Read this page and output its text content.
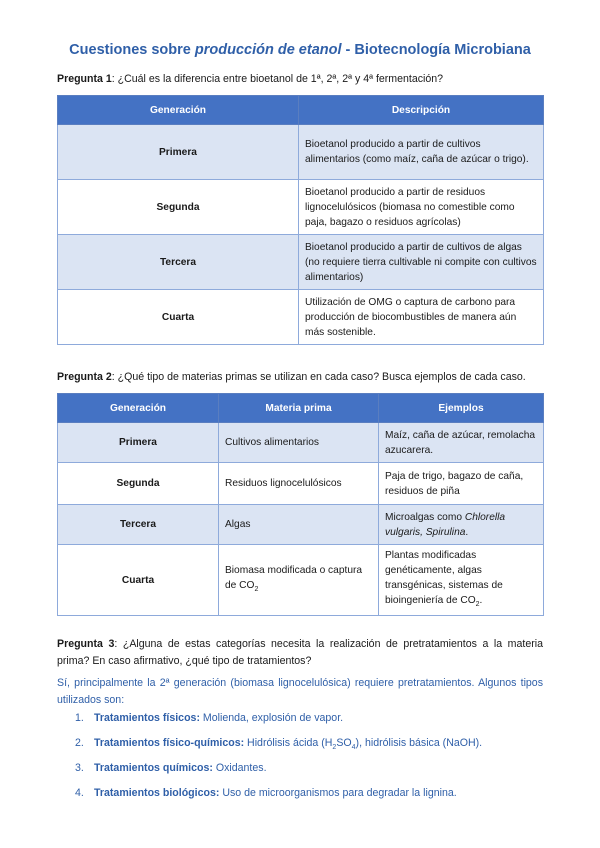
Cuestiones sobre producción de etanol - Biotecnología Microbiana
Pregunta 1: ¿Cuál es la diferencia entre bioetanol de 1ª, 2ª, 2ª y 4ª fermentación?
Generación	Descripción
Primera	Bioetanol producido a partir de cultivos alimentarios (como maíz, caña de azúcar o trigo).
Segunda	Bioetanol producido a partir de residuos lignocelulósicos (biomasa no comestible como paja, bagazo o residuos agrícolas)
Tercera	Bioetanol producido a partir de cultivos de algas (no requiere tierra cultivable ni compite con cultivos alimentarios)
Cuarta	Utilización de OMG o captura de carbono para producción de biocombustibles de manera aún más sostenible.
Pregunta 2: ¿Qué tipo de materias primas se utilizan en cada caso? Busca ejemplos de cada caso.
Generación	Materia prima	Ejemplos
Primera	Cultivos alimentarios	Maíz, caña de azúcar, remolacha azucarera.
Segunda	Residuos lignocelulósicos	Paja de trigo, bagazo de caña, residuos de piña
Tercera	Algas	Microalgas como Chlorella vulgaris, Spirulina.
Cuarta	Biomasa modificada o captura de $CO_2$	Plantas modificadas genéticamente, algas transgénicas, sistemas de bioingeniería de $CO_2$.
Pregunta 3: ¿Alguna de estas categorías necesita la realización de pretratamientos a la materia prima? En caso afirmativo, ¿qué tipo de tratamientos?
Sí, principalmente la 2ª generación (biomasa lignocelulósica) requiere pretratamientos. Algunos tipos utilizados son:
1. Tratamientos físicos: Molienda, explosión de vapor.
2. Tratamientos físico-químicos: Hidrólisis ácida $(H_2SO_4)$, hidrólisis básica (NaOH).
3. Tratamientos químicos: Oxidantes.
4. Tratamientos biológicos: Uso de microorganismos para degradar la lignina.
